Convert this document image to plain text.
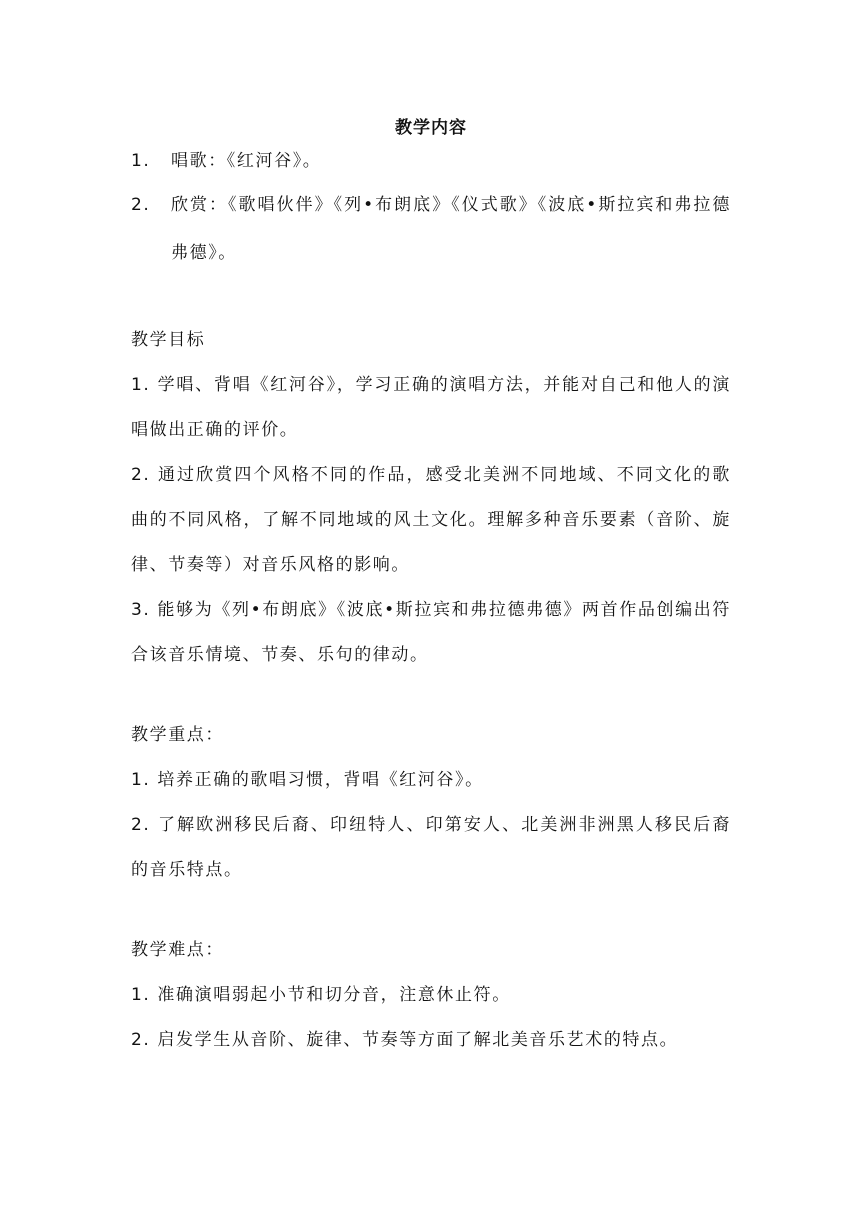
教学内容
1.	唱歌：《红河谷》。
2.	欣赏：《歌唱伙伴》《列•布朗底》《仪式歌》《波底•斯拉宾和弗拉德弗德》。

教学目标

1. 学唱、背唱《红河谷》，学习正确的演唱方法，并能对自己和他人的演唱做出正确的评价。

2. 通过欣赏四个风格不同的作品，感受北美洲不同地域、不同文化的歌曲的不同风格，了解不同地域的风土文化。理解多种音乐要素（音阶、旋律、节奏等）对音乐风格的影响。

3. 能够为《列•布朗底》《波底•斯拉宾和弗拉德弗德》两首作品创编出符合该音乐情境、节奏、乐句的律动。

教学重点：

1. 培养正确的歌唱习惯，背唱《红河谷》。

2. 了解欧洲移民后裔、印纽特人、印第安人、北美洲非洲黑人移民后裔的音乐特点。

教学难点：

1. 准确演唱弱起小节和切分音，注意休止符。

2. 启发学生从音阶、旋律、节奏等方面了解北美音乐艺术的特点。
